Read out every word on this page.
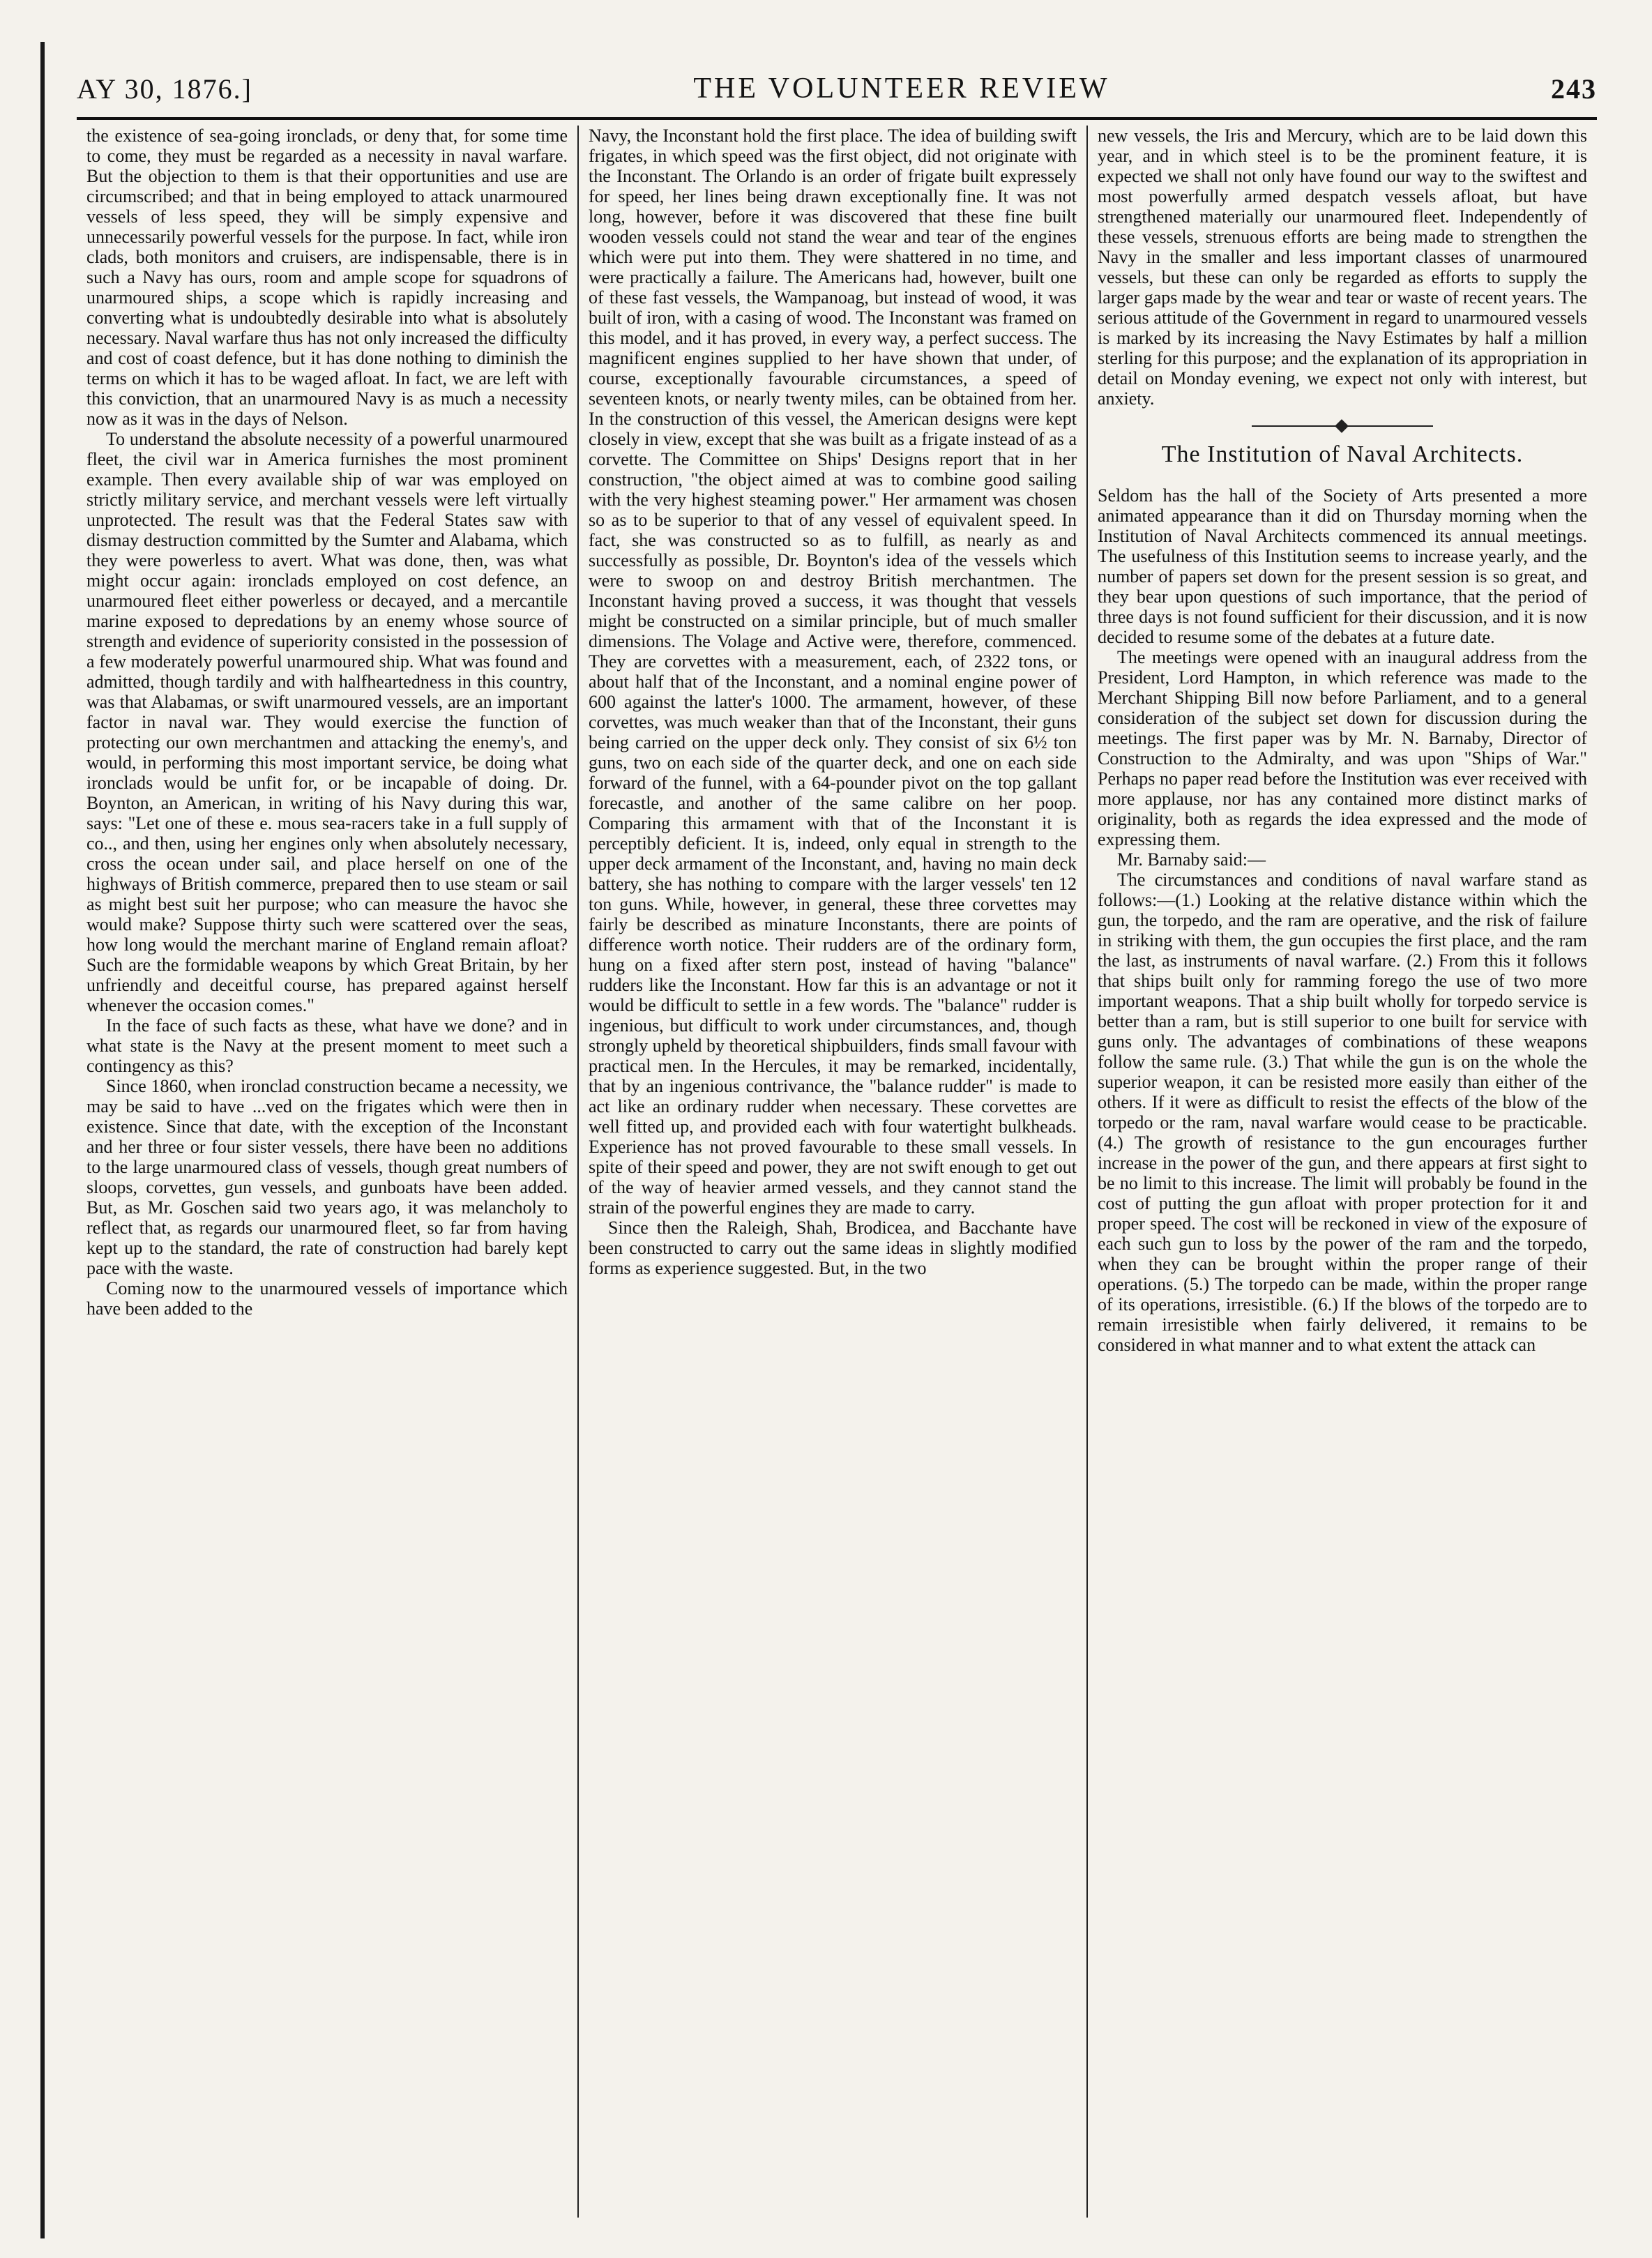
AY 30, 1876.]	THE VOLUNTEER REVIEW	243

the existence of sea-going ironclads, or deny that, for some time to come, they must be regarded as a necessity in naval warfare. But the objection to them is that their opportunities and use are circumscribed; and that in being employed to attack unarmoured vessels of less speed, they will be simply expensive and unnecessarily powerful vessels for the purpose. In fact, while iron clads, both monitors and cruisers, are indispensable, there is in such a Navy has ours, room and ample scope for squadrons of unarmoured ships, a scope which is rapidly increasing and converting what is undoubtedly desirable into what is absolutely necessary. Naval warfare thus has not only increased the difficulty and cost of coast defence, but it has done nothing to diminish the terms on which it has to be waged afloat. In fact, we are left with this conviction, that an unarmoured Navy is as much a necessity now as it was in the days of Nelson.

To understand the absolute necessity of a powerful unarmoured fleet, the civil war in America furnishes the most prominent example. Then every available ship of war was employed on strictly military service, and merchant vessels were left virtually unprotected. The result was that the Federal States saw with dismay destruction committed by the Sumter and Alabama, which they were powerless to avert. What was done, then, was what might occur again: ironclads employed on cost defence, an unarmoured fleet either powerless or decayed, and a mercantile marine exposed to depredations by an enemy whose source of strength and evidence of superiority consisted in the possession of a few moderately powerful unarmoured ship. What was found and admitted, though tardily and with halfheartedness in this country, was that Alabamas, or swift unarmoured vessels, are an important factor in naval war. They would exercise the function of protecting our own merchantmen and attacking the enemy's, and would, in performing this most important service, be doing what ironclads would be unfit for, or be incapable of doing. Dr. Boynton, an American, in writing of his Navy during this war, says: "Let one of these e. mous sea-racers take in a full supply of co.., and then, using her engines only when absolutely necessary, cross the ocean under sail, and place herself on one of the highways of British commerce, prepared then to use steam or sail as might best suit her purpose; who can measure the havoc she would make? Suppose thirty such were scattered over the seas, how long would the merchant marine of England remain afloat? Such are the formidable weapons by which Great Britain, by her unfriendly and deceitful course, has prepared against herself whenever the occasion comes."

In the face of such facts as these, what have we done? and in what state is the Navy at the present moment to meet such a contingency as this?

Since 1860, when ironclad construction became a necessity, we may be said to have ...ved on the frigates which were then in existence. Since that date, with the exception of the Inconstant and her three or four sister vessels, there have been no additions to the large unarmoured class of vessels, though great numbers of sloops, corvettes, gun vessels, and gunboats have been added. But, as Mr. Goschen said two years ago, it was melancholy to reflect that, as regards our unarmoured fleet, so far from having kept up to the standard, the rate of construction had barely kept pace with the waste.

Coming now to the unarmoured vessels of importance which have been added to the

Navy, the Inconstant hold the first place. The idea of building swift frigates, in which speed was the first object, did not originate with the Inconstant. The Orlando is an order of frigate built expressely for speed, her lines being drawn exceptionally fine. It was not long, however, before it was discovered that these fine built wooden vessels could not stand the wear and tear of the engines which were put into them. They were shattered in no time, and were practically a failure. The Americans had, however, built one of these fast vessels, the Wampanoag, but instead of wood, it was built of iron, with a casing of wood. The Inconstant was framed on this model, and it has proved, in every way, a perfect success. The magnificent engines supplied to her have shown that under, of course, exceptionally favourable circumstances, a speed of seventeen knots, or nearly twenty miles, can be obtained from her. In the construction of this vessel, the American designs were kept closely in view, except that she was built as a frigate instead of as a corvette. The Committee on Ships' Designs report that in her construction, "the object aimed at was to combine good sailing with the very highest steaming power." Her armament was chosen so as to be superior to that of any vessel of equivalent speed. In fact, she was constructed so as to fulfill, as nearly as and successfully as possible, Dr. Boynton's idea of the vessels which were to swoop on and destroy British merchantmen. The Inconstant having proved a success, it was thought that vessels might be constructed on a similar principle, but of much smaller dimensions. The Volage and Active were, therefore, commenced. They are corvettes with a measurement, each, of 2322 tons, or about half that of the Inconstant, and a nominal engine power of 600 against the latter's 1000. The armament, however, of these corvettes, was much weaker than that of the Inconstant, their guns being carried on the upper deck only. They consist of six 6½ ton guns, two on each side of the quarter deck, and one on each side forward of the funnel, with a 64-pounder pivot on the top gallant forecastle, and another of the same calibre on her poop. Comparing this armament with that of the Inconstant it is perceptibly deficient. It is, indeed, only equal in strength to the upper deck armament of the Inconstant, and, having no main deck battery, she has nothing to compare with the larger vessels' ten 12 ton guns. While, however, in general, these three corvettes may fairly be described as minature Inconstants, there are points of difference worth notice. Their rudders are of the ordinary form, hung on a fixed after stern post, instead of having "balance" rudders like the Inconstant. How far this is an advantage or not it would be difficult to settle in a few words. The "balance" rudder is ingenious, but difficult to work under circumstances, and, though strongly upheld by theoretical shipbuilders, finds small favour with practical men. In the Hercules, it may be remarked, incidentally, that by an ingenious contrivance, the "balance rudder" is made to act like an ordinary rudder when necessary. These corvettes are well fitted up, and provided each with four watertight bulkheads. Experience has not proved favourable to these small vessels. In spite of their speed and power, they are not swift enough to get out of the way of heavier armed vessels, and they cannot stand the strain of the powerful engines they are made to carry.

Since then the Raleigh, Shah, Brodicea, and Bacchante have been constructed to carry out the same ideas in slightly modified forms as experience suggested. But, in the two

new vessels, the Iris and Mercury, which are to be laid down this year, and in which steel is to be the prominent feature, it is expected we shall not only have found our way to the swiftest and most powerfully armed despatch vessels afloat, but have strengthened materially our unarmoured fleet. Independently of these vessels, strenuous efforts are being made to strengthen the Navy in the smaller and less important classes of unarmoured vessels, but these can only be regarded as efforts to supply the larger gaps made by the wear and tear or waste of recent years. The serious attitude of the Government in regard to unarmoured vessels is marked by its increasing the Navy Estimates by half a million sterling for this purpose; and the explanation of its appropriation in detail on Monday evening, we expect not only with interest, but anxiety.

The Institution of Naval Architects.

Seldom has the hall of the Society of Arts presented a more animated appearance than it did on Thursday morning when the Institution of Naval Architects commenced its annual meetings. The usefulness of this Institution seems to increase yearly, and the number of papers set down for the present session is so great, and they bear upon questions of such importance, that the period of three days is not found sufficient for their discussion, and it is now decided to resume some of the debates at a future date.

The meetings were opened with an inaugural address from the President, Lord Hampton, in which reference was made to the Merchant Shipping Bill now before Parliament, and to a general consideration of the subject set down for discussion during the meetings. The first paper was by Mr. N. Barnaby, Director of Construction to the Admiralty, and was upon "Ships of War." Perhaps no paper read before the Institution was ever received with more applause, nor has any contained more distinct marks of originality, both as regards the idea expressed and the mode of expressing them.

Mr. Barnaby said:—

The circumstances and conditions of naval warfare stand as follows:—(1.) Looking at the relative distance within which the gun, the torpedo, and the ram are operative, and the risk of failure in striking with them, the gun occupies the first place, and the ram the last, as instruments of naval warfare. (2.) From this it follows that ships built only for ramming forego the use of two more important weapons. That a ship built wholly for torpedo service is better than a ram, but is still superior to one built for service with guns only. The advantages of combinations of these weapons follow the same rule. (3.) That while the gun is on the whole the superior weapon, it can be resisted more easily than either of the others. If it were as difficult to resist the effects of the blow of the torpedo or the ram, naval warfare would cease to be practicable. (4.) The growth of resistance to the gun encourages further increase in the power of the gun, and there appears at first sight to be no limit to this increase. The limit will probably be found in the cost of putting the gun afloat with proper protection for it and proper speed. The cost will be reckoned in view of the exposure of each such gun to loss by the power of the ram and the torpedo, when they can be brought within the proper range of their operations. (5.) The torpedo can be made, within the proper range of its operations, irresistible. (6.) If the blows of the torpedo are to remain irresistible when fairly delivered, it remains to be considered in what manner and to what extent the attack can
